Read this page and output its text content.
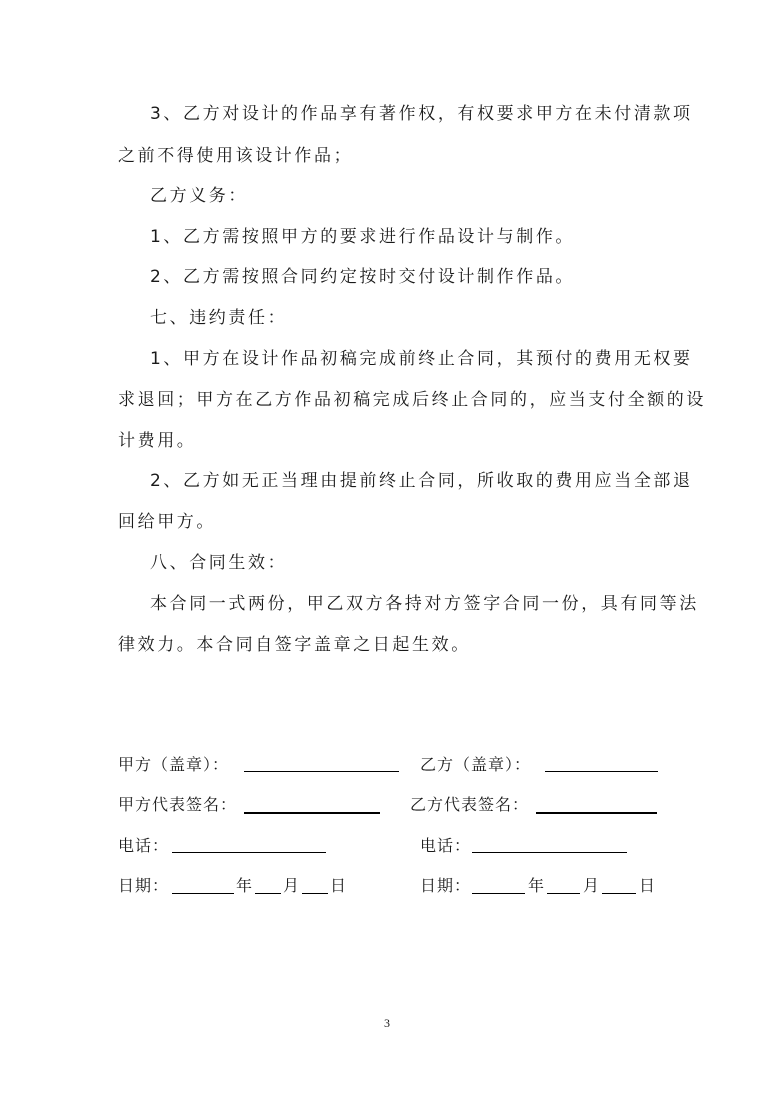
3、乙方对设计的作品享有著作权，有权要求甲方在未付清款项
之前不得使用该设计作品；
乙方义务：
1、乙方需按照甲方的要求进行作品设计与制作。
2、乙方需按照合同约定按时交付设计制作作品。
七、违约责任：
1、甲方在设计作品初稿完成前终止合同，其预付的费用无权要
求退回；甲方在乙方作品初稿完成后终止合同的，应当支付全额的设
计费用。
2、乙方如无正当理由提前终止合同，所收取的费用应当全部退
回给甲方。
八、合同生效：
本合同一式两份，甲乙双方各持对方签字合同一份，具有同等法
律效力。本合同自签字盖章之日起生效。
甲方（盖章）：	乙方（盖章）：
甲方代表签名：	乙方代表签名：
电话：	电话：
日期：	年 月 日	日期：	年 月 日
3
